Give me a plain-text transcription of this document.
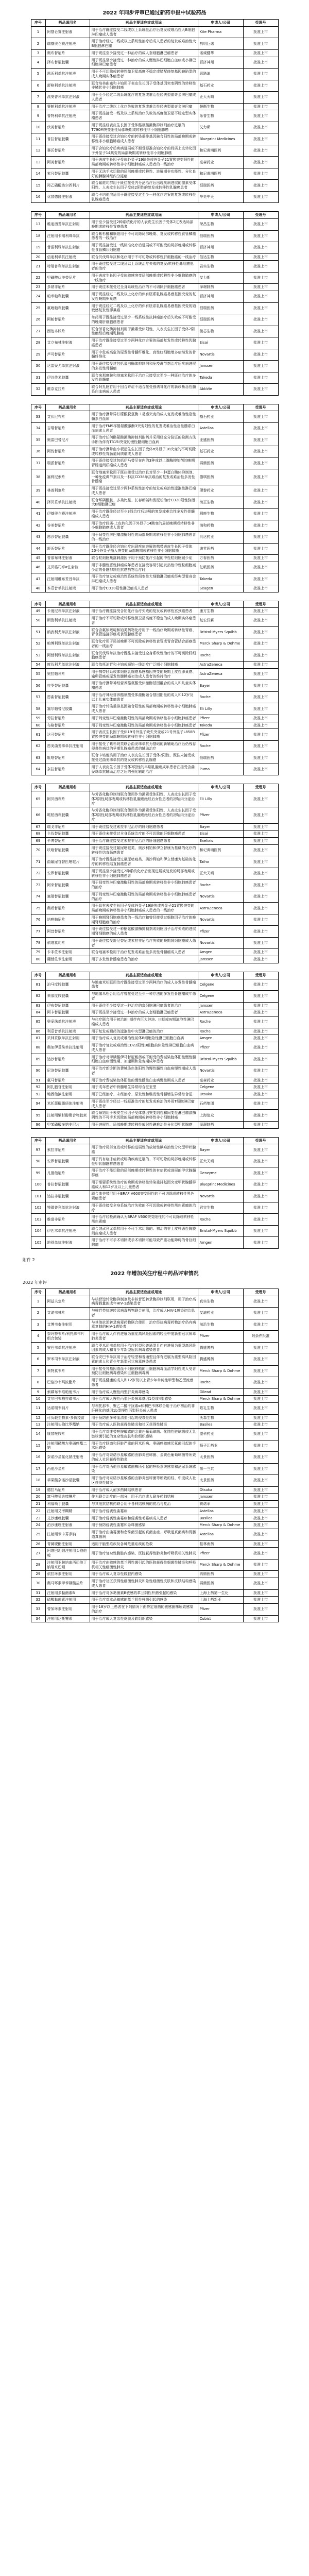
2022 年同步评审已通过新药申报中试验药品
序号	药品通用名	药品主要适应症或用途	申请人/公司	受理号
1	阿基仑赛注射液	用于治疗既往接受二线或以上系统性治疗后复发或难治性大B细胞淋巴瘤成人患者	Kite Pharma	批准上市
2	瑞基奥仑赛注射液	用于治疗经过二线或以上系统性治疗后成人患者的复发或难治性大B细胞淋巴瘤	药明巨诺	批准上市
3	奥布替尼片	用于既往至少接受过一种治疗的成人套细胞淋巴瘤患者	诺诚健华	批准上市
4	泽布替尼胶囊	用于既往至少接受过一种治疗的成人慢性淋巴细胞白血病或小淋巴细胞淋巴瘤患者	百济神州	批准上市
5	恩沃利单抗注射液	用于不可切除或转移性微卫星高度不稳定或错配修复基因缺陷型的成人晚期实体瘤患者	思路迪	批准上市
6	舒格利单抗注射液	联合培美曲塞和卡铂用于表皮生长因子受体基因突变阴性的转移性非鳞状非小细胞肺癌	基石药业	批准上市
7	派安普利单抗注射液	用于至少经过二线系统化疗的复发或难治性经典型霍奇金淋巴瘤成人患者	正大天晴	批准上市
8	赛帕利单抗注射液	用于治疗二线以上化疗失败的复发或难治性经典型霍奇金淋巴瘤	誉衡生物	批准上市
9	普特利单抗注射液	用于既往接受一线及以上系统治疗失败的高度微卫星不稳定型实体瘤患者	乐普生物	批准上市
10	伏美替尼片	用于既往经表皮生长因子受体酪氨酸激酶抑制剂治疗进展的T790M突变阳性局部晚期或转移性非小细胞肺癌	艾力斯	批准上市
11	普拉替尼胶囊	用于既往接受过含铂化疗的转染重排基因融合阳性的局部晚期或转移性非小细胞肺癌成人患者	Blueprint Medicines	批准上市
12	赛沃替尼片	用于含铂化疗后疾病进展或不耐受标准含铂化疗的间质上皮转化因子外显子14跳变的局部晚期或转移性非小细胞肺癌	和记黄埔医药	批准上市
13	阿美替尼片	用于表皮生长因子受体外显子19缺失或外显子21置换突变阳性的局部晚期或转移性非小细胞肺癌成人患者的一线治疗	豪森药业	批准上市
14	索凡替尼胶囊	用于无法手术切除的局部晚期或转移性、进展期非功能性、分化良好的胰腺神经内分泌瘤	和记黄埔医药	批准上市
15	羟乙磺酸达尔西利片	联合氟维司群用于既往接受内分泌治疗后出现疾病进展的激素受体阳性、人表皮生长因子受体2阴性的复发或转移性乳腺癌患者	恒瑞医药	批准上市
16	优替德隆注射液	联合卡培他滨适用于既往接受过至少一种化疗方案的复发或转移性乳腺癌患者	华昊中天	批准上市
序号	药品通用名	药品主要适应症或用途	申请人/公司	受理号
17	维迪西妥单抗注射用	用于至少接受过2种系统化疗的人表皮生长因子受体2过表达局部晚期或转移性胃癌患者	荣昌生物	批准上市
18	注射用卡瑞利珠单抗	联合紫杉醇和顺铂用于不可切除局部晚期、复发或转移性食管鳞癌患者的一线治疗	恒瑞医药	批准上市
19	替雷利珠单抗注射液	用于既往接受过一线标准化疗后进展或不可耐受的局部晚期或转移性食管鳞状细胞癌	百济神州	批准上市
20	信迪利单抗注射液	联合贝伐珠单抗和化疗用于不可切除或转移性肝细胞癌的一线治疗	信达生物	批准上市
21	特瑞普利单抗注射液	用于既往接受过二线及以上系统治疗失败的复发/转移性鼻咽癌患者的治疗	君实生物	批准上市
22	甲磺酸伏美替尼片	用于表皮生长因子受体敏感突变局部晚期或转移性非小细胞肺癌的一线治疗	艾力斯	批准上市
23	多纳非尼片	用于既往未接受过全身系统性治疗的不可切除肝细胞癌患者	泽璟制药	批准上市
24	帕米帕利胶囊	用于既往经过二线及以上化疗的伴有胚系乳腺癌易感基因突变的复发性晚期卵巢癌	百济神州	批准上市
25	氟唑帕利胶囊	用于既往经过二线及以上化疗的伴有胚系乳腺癌易感基因突变的铂敏感复发性卵巢癌	恒瑞医药	批准上市
26	阿帕替尼片	单药用于既往接受过至少一线系统性抗肿瘤治疗后失败或不可耐受的晚期肝细胞癌患者	恒瑞医药	批准上市
27	西达本胺片	联合芳香化酶抑制剂用于激素受体阳性、人表皮生长因子受体2阴性绝经后晚期乳腺癌	微芯生物	批准上市
28	艾立布林注射液	用于治疗既往接受过至少两种化疗方案的局部复发性或转移性乳腺癌患者	Eisai	批准上市
29	芦可替尼片	用于中危或高危的原发性骨髓纤维化、真性红细胞增多症继发的骨髓纤维化	Novartis	批准上市
30	达雷妥尤单抗注射液	用于既往接受过包括蛋白酶体抑制剂和免疫调节剂治疗后疾病进展的多发性骨髓瘤	Janssen	批准上市
31	伊沙佐米胶囊	联合来那度胺和地塞米松用于治疗已接受过至少一种既往治疗的多发性骨髓瘤	Takeda	批准上市
32	维奈克拉片	联合阿扎胞苷用于因合并症不适合接受强诱导化疗的新诊断急性髓系白血病成人患者	AbbVie	批准上市
序号	药品通用名	药品主要适应症或用途	申请人/公司	受理号
33	艾伏尼布片	用于治疗携带异柠檬酸脱氢酶-1易感突变的成人复发或难治性急性髓系白血病	基石药业	批准上市
34	吉瑞替尼片	用于治疗FMS样酪氨酸激酶3突变阳性的复发或难治性急性髓系白血病成人患者	Astellas	批准上市
35	奥雷巴替尼片	用于治疗任何酪氨酸激酶抑制剂耐药并采用经充分验证的检测方法诊断为伴有T315I突变的慢性髓细胞白血病	亚盛医药	批准上市
36	阿伐替尼片	用于治疗携带血小板衍生生长因子受体α外显子18突变的不可切除或转移性胃肠道间质瘤成人患者	基石药业	批准上市
37	瑞派替尼片	用于既往接受过包括伊马替尼在内的3种或以上激酶抑制剂的晚期胃肠道间质瘤成人患者	再鼎医药	批准上市
38	塞利尼索片	联合地塞米松用于既往接受过治疗且对至少一种蛋白酶体抑制剂、一种免疫调节剂以及一种抗CD38单抗难治的复发或难治性多发性骨髓瘤	德琪医药	批准上市
39	林普利塞片	用于既往接受过至少两种系统性治疗的复发或难治性滤泡性淋巴瘤成人患者	璎黎药业	批准上市
40	泽贝妥单抗注射液	联合环磷酰胺、多柔比星、长春新碱和泼尼松治疗CD20阳性弥漫大B细胞淋巴瘤	海正生物	批准上市
41	伊基奥仑赛注射液	用于治疗既往经过至少3线治疗后进展的复发或难治性多发性骨髓瘤成人患者	驯鹿生物	批准上市
42	谷美替尼片	用于治疗间质-上皮转化因子外显子14跳变的局部晚期或转移性非小细胞肺癌成人患者	海和药物	批准上市
43	恩沙替尼胶囊	用于间变性淋巴瘤激酶阳性的局部晚期或转移性非小细胞肺癌患者的一线治疗	贝达药业	批准上市
44	舒沃替尼片	用于治疗既往经含铂化疗出现疾病进展的携带表皮生长因子受体20号外显子插入突变的局部晚期或转移性非小细胞肺癌	迪哲医药	批准上市
45	普那布林注射液	联合粒细胞集落刺激因子用于预防化疗引起的中性粒细胞减少症	万春医药	批准上市
46	艾贝格司亭α注射液	用于非髓性恶性肿瘤成年患者在接受容易引起发热性中性粒细胞减少症的骨髓抑制性抗癌药物治疗时	亿帆医药	批准上市
47	注射用维布妥昔单抗	用于治疗复发或难治性系统性间变性大细胞淋巴瘤或经典型霍奇金淋巴瘤成人患者	Takeda	批准上市
48	本妥昔单抗注射液	用于治疗CD30阳性淋巴瘤成人患者	Seagen	批准上市
序号	药品通用名	药品主要适应症或用途	申请人/公司	受理号
49	卡度尼利单抗注射液	用于治疗既往接受含铂化疗治疗失败的复发或转移性宫颈癌患者	康方生物	批准上市
50	斯鲁利单抗注射液	用于治疗不可切除或转移性微卫星高度不稳定的成人晚期实体瘤患者	复宏汉霖	批准上市
51	纳武利尤单抗注射液	联合含氟尿嘧啶和铂类药物化疗用于一线治疗晚期或转移性胃癌、胃食管连接部癌或食管腺癌患者	Bristol-Myers Squibb	批准上市
52	帕博利珠单抗注射液	联合化疗用于局部晚期不可切除或转移性食管或胃食管结合部癌患者的一线治疗	Merck Sharp & Dohme	批准上市
53	阿替利珠单抗注射液	联合贝伐珠单抗治疗既往未接受过全身系统性治疗的不可切除肝细胞癌患者	Roche	批准上市
54	度伐利尤单抗注射液	联合依托泊苷和卡铂或顺铂一线治疗广泛期小细胞肺癌	AstraZeneca	批准上市
55	奥拉帕利片	用于携带胚系或体细胞乳腺癌易感基因突变的晚期上皮性卵巢癌、输卵管癌或原发性腹膜癌初治成人患者的维持治疗	AstraZeneca	批准上市
56	拉罗替尼胶囊	用于治疗携带神经营养酪氨酸受体激酶基因融合的成人和儿童实体瘤患者	Bayer	批准上市
57	恩曲替尼胶囊	用于治疗神经营养酪氨酸受体激酶融合基因阳性的成人和12岁及以上儿童实体瘤患者	Roche	批准上市
58	塞尔帕替尼胶囊	用于治疗转染重排基因融合阳性的局部晚期或转移性非小细胞肺癌成人患者	Eli Lilly	批准上市
59	劳拉替尼片	用于间变性淋巴瘤激酶阳性的局部晚期或转移性非小细胞肺癌患者	Pfizer	批准上市
60	布格替尼片	用于间变性淋巴瘤激酶阳性的局部晚期或转移性非小细胞肺癌患者	Takeda	批准上市
61	达可替尼片	用于表皮生长因子受体19号外显子缺失突变或21号外显子L858R置换突变的局部晚期或转移性非小细胞肺癌	Pfizer	批准上市
62	恩美曲妥珠单抗注射用	用于接受了紫杉烷类联合曲妥珠单抗为基础的新辅助治疗后仍残存侵袭性病灶的早期乳腺癌患者的辅助治疗	Roche	批准上市
63	吡咯替尼片	联合卡培他滨用于治疗人表皮生长因子受体2阳性、既往未接受或接受过曲妥珠单抗的复发或转移性乳腺癌	恒瑞医药	批准上市
64	奈拉替尼片	用于人表皮生长因子受体2阳性的早期乳腺癌成年患者在接受含曲妥珠单抗辅助治疗之后的强化辅助治疗	Puma	批准上市
序号	药品通用名	药品主要适应症或用途	申请人/公司	受理号
65	阿贝西利片	与芳香化酶抑制剂联合使用作为激素受体阳性、人表皮生长因子受体2阴性局部晚期或转移性乳腺癌绝经后女性患者的初始内分泌治疗	Eli Lilly	批准上市
66	哌柏西利胶囊	与芳香化酶抑制剂联合使用作为激素受体阳性、人表皮生长因子受体2阴性局部晚期或转移性乳腺癌绝经后女性患者的初始内分泌治疗	Pfizer	批准上市
67	瑞戈非尼片	用于既往接受过索拉非尼治疗的肝细胞癌患者	Bayer	批准上市
68	仑伐替尼胶囊	用于既往未接受过全身系统治疗的不可切除的肝细胞癌患者	Eisai	批准上市
69	卡博替尼片	用于治疗既往接受过索拉非尼治疗的肝细胞癌患者	Exelixis	批准上市
70	呋喹替尼胶囊	用于既往接受过氟尿嘧啶类、奥沙利铂和伊立替康为基础的化疗的转移性结直肠癌患者	和记黄埔医药	批准上市
71	曲氟尿苷替匹嘧啶片	用于治疗既往接受过氟尿嘧啶类、奥沙利铂和伊立替康为基础的化疗的转移性结直肠癌患者	Taiho	批准上市
72	安罗替尼胶囊	用于既往至少接受过2种系统化疗后出现进展或复发的局部晚期或转移性非小细胞肺癌患者	正大天晴	批准上市
73	阿来替尼胶囊	用于间变性淋巴瘤激酶阳性的局部晚期或转移性非小细胞肺癌患者的治疗	Roche	批准上市
74	塞瑞替尼胶囊	用于间变性淋巴瘤激酶阳性的局部晚期或转移性非小细胞肺癌患者的治疗	Novartis	批准上市
75	奥希替尼片	用于具有表皮生长因子受体外显子19缺失或外显子21置换突变的局部晚期或转移性非小细胞肺癌成人患者的一线治疗	AstraZeneca	批准上市
76	培唑帕尼片	用于晚期肾细胞癌患者的一线治疗和曾经接受过细胞因子治疗的晚期肾细胞癌的治疗	Novartis	批准上市
77	阿昔替尼片	用于既往接受过一种酪氨酸激酶抑制剂或细胞因子治疗失败的进展期肾细胞癌的成人患者	Pfizer	批准上市
78	依维莫司片	用于既往接受舒尼替尼或索拉非尼治疗失败的晚期肾细胞癌成人患者	Novartis	批准上市
79	卡非佐米注射用	联合地塞米松用于治疗复发或难治性多发性骨髓瘤成人患者	Amgen	批准上市
80	硼替佐米注射用	用于多发性骨髓瘤患者的治疗	Janssen	批准上市
序号	药品通用名	药品主要适应症或用途	申请人/公司	受理号
81	泊马度胺胶囊	与地塞米松联用治疗既往接受过至少两种治疗的成人多发性骨髓瘤患者	Celgene	批准上市
82	来那度胺胶囊	与地塞米松合用治疗曾接受过至少一种疗法的多发性骨髓瘤成年患者	Celgene	批准上市
83	伊布替尼胶囊	用于既往至少接受过一种治疗的套细胞淋巴瘤患者的治疗	Janssen	批准上市
84	阿卡替尼胶囊	用于既往至少接受过一种治疗的成人套细胞淋巴瘤患者	AstraZeneca	批准上市
85	奥妥珠单抗注射液	与化疗联合用于初治的II期伴有巨大肿块、III期或IV期滤泡性淋巴瘤成人患者	Roche	批准上市
86	利妥昔单抗注射液	用于复发或耐药的滤泡性中央型淋巴瘤的治疗	Roche	批准上市
87	贝林妥欧单抗注射用	用于治疗成人复发或难治性前体B细胞急性淋巴细胞白血病	Amgen	批准上市
88	奥加伊妥珠单抗注射用	用于治疗复发或难治性CD22阳性B细胞前体急性淋巴细胞白血病成人患者	Pfizer	批准上市
89	达沙替尼片	用于治疗对甲磺酸伊马替尼耐药或不耐受的费城染色体阳性慢性髓细胞白血病慢性期、加速期和急变期成年患者	Bristol-Myers Squibb	批准上市
90	尼洛替尼胶囊	用于治疗新诊断的费城染色体阳性的慢性髓性白血病慢性期成人患者	Novartis	批准上市
91	氟马替尼片	用于治疗费城染色体阳性的慢性髓性白血病慢性期成人患者	豪森药业	批准上市
92	阿扎胞苷注射用	用于成年患者中骨髓增生异常综合征亚型	Celgene	批准上市
93	地西他滨注射用	用于已经治疗、未经治疗、原发性和继发性骨髓增生异常综合征	Otsuka	批准上市
94	米托蒽醌脂质体注射液	用于既往至少经过一线标准治疗的复发或难治的外周T细胞淋巴瘤成人患者	石药集团	批准上市
95	注射用紫杉醇聚合物胶束	联合顺铂用于表皮生长因子受体基因突变阴性和间变性淋巴瘤激酶阴性的不可手术切除的局部晚期或转移性非小细胞肺癌	上海谊众	批准上市
96	甲苯磺酸多纳非尼片	用于进展性、局部晚期或转移性放射性碘难治性分化型甲状腺癌	泽璟制药	批准上市
序号	药品通用名	药品主要适应症或用途	申请人/公司	受理号
97	索拉非尼片	用于治疗局部复发或转移的进展性的放射性碘难治性分化型甲状腺癌	Bayer	批准上市
98	安罗替尼胶囊	用于具有临床症状或明确疾病进展的、不可切除的局部晚期或转移性甲状腺髓样癌患者	正大天晴	批准上市
99	凡德他尼片	用于治疗不能切除的局部晚期或转移性的有症状或进展的甲状腺髓样癌	Genzyme	批准上市
100	普拉替尼胶囊	用于需要系统性治疗的晚期或转移性转染重排基因突变甲状腺髓样癌成人和12岁及以上儿童患者	Blueprint Medicines	批准上市
101	达拉非尼胶囊	联合曲美替尼用于BRAF V600突变阳性的不可切除或转移性黑色素瘤患者	Novartis	批准上市
102	特瑞普利单抗注射液	用于既往接受全身系统治疗失败的不可切除或转移性黑色素瘤的治疗	君实生物	批准上市
103	维莫非尼片	用于治疗经检测确认为BRAF V600突变阳性的不可切除或转移性黑色素瘤	Roche	批准上市
104	伊匹木单抗注射液	联合纳武利尤单抗用于不可手术切除的、初治的非上皮样恶性胸膜间皮瘤成人患者	Bristol-Myers Squibb	批准上市
105	地舒单抗注射液	用于治疗不可手术切除或手术切除可能导致严重功能障碍的骨巨细胞瘤	Amgen	批准上市
附件 2
2022 年增加关注疗程中药品评审情况
2022 年审评
序号	药品通用名	药品主要适应症或用途	申请人/公司	受理号
1	阿兹夫定片	与核苷逆转录酶抑制剂及非核苷逆转录酶抑制剂联用，用于治疗高病毒载量的成年HIV-1感染患者	真实生物	批准上市
2	艾诺韦林片	与核苷类抗逆转录病毒药物联合使用，治疗成人HIV-1感染初治患者	艾迪药业	批准上市
3	艾博韦泰注射用	与其他抗逆转录病毒药物联合使用，治疗经抗病毒药物治疗仍有病毒复制的HIV-1感染者	前沿生物	批准上市
4	奈玛特韦片/利托那韦片组合包装	用于治疗成人伴有进展为重症高风险因素的轻至中度新型冠状病毒肺炎患者	Pfizer	附条件批准
5	安巴韦单抗注射液	联合罗米司韦单抗用于治疗轻型和普通型且伴有进展为重型高风险因素的成人和青少年新型冠状病毒感染患者	腾盛博药	批准上市
6	罗米司韦单抗注射液	联合安巴韦单抗用于治疗轻型和普通型且伴有进展为重型高风险因素的成人和青少年新型冠状病毒感染患者	腾盛博药	批准上市
7	来特莫韦片	用于接受异基因造血干细胞移植的巨细胞病毒血清学阳性成人受者预防巨细胞病毒感染和巨细胞病毒病	Merck Sharp & Dohme	批准上市
8	巴洛沙韦玛波酯片	用于既往健康的成人和12岁及以上青少年单纯性甲型和乙型流感患者	Roche	批准上市
9	索磷布韦维帕他韦片	用于治疗成人慢性丙型肝炎病毒感染	Gilead	批准上市
10	艾尔巴韦格拉瑞韦片	用于治疗成人慢性丙型肝炎病毒基因1型或4型感染	Merck Sharp & Dohme	批准上市
11	达诺瑞韦钠片	与利托那韦、聚乙二醇干扰素α和利巴韦林联合用于治疗初治的非肝硬化的基因1b型慢性丙型肝炎成人患者	歌礼生物	批准上市
12	可负载生物素-多价疫苗	用于预防由多种血清型引起的侵袭性疾病	沃森生物	批准上市
13	注射用头孢比罗酯钠	用于治疗成人医院获得性肺炎和社区获得性肺炎	Basilea	批准上市
14	康替唑胺片	用于治疗对康替唑胺敏感的金黄色葡萄球菌、化脓性链球菌或无乳链球菌引起的复杂性皮肤和软组织感染	盟科药业	批准上市
15	注射用磷酸左奥硝唑酯二钠	用于治疗肠道和肝脏严重的阿米巴病、奥硝唑敏感厌氧菌引起的手术后感染	扬子江药业	批准上市
16	奈诺沙星氯化钠注射液	用于治疗对奈诺沙星敏感的由肺炎链球菌、金黄色葡萄球菌等所致的成人社区获得性肺炎	太景医药	批准上市
17	西他沙星片	用于治疗对西他沙星敏感菌株所引起的呼吸系统感染和泌尿系统感染	第一三共	批准上市
18	苹果酸奈诺沙星胶囊	用于治疗对奈诺沙星敏感的由肺炎链球菌等所致的轻、中度成人社区获得性肺炎	太景医药	批准上市
19	德拉马尼片	用于治疗成人耐多药肺结核患者	Otsuka	批准上市
20	富马酸贝达喹啉片	作为联合治疗的一部分，用于治疗成人耐多药肺结核	Janssen	批准上市
21	利福喷丁胶囊	与其他抗结核药联合用于各种结核病的初治与复治	赛诺菲	批准上市
22	注射用艾考糊精	用于治疗侵袭性曲霉病	Astellas	批准上市
23	艾沙康唑胶囊	用于治疗侵袭性曲霉病和侵袭性毛霉病成人患者	Basilea	批准上市
24	泊沙康唑注射液	用于预防侵袭性曲霉和念珠菌感染	Merck Sharp & Dohme	批准上市
25	注射用米卡芬净钠	用于治疗由曲霉菌和念珠菌引起的真菌血症、呼吸道真菌病和胃肠道真菌病	Astellas	批准上市
26	青蒿琥酯注射用	适用于脑型疟疾及各种危重疟疾的抢救	桂林南药	批准上市
27	阿维巴坦钠注射用头孢他啶	用于治疗复杂性腹腔内感染、医院获得性肺炎和呼吸机相关性肺炎	Pfizer	批准上市
28	注射用亚胺培南西司他丁钠瑞来巴坦	用于治疗由敏感的革兰阴性菌引起的医院获得性细菌性肺炎和呼吸机相关性细菌性肺炎	Merck Sharp & Dohme	批准上市
29	依拉环素注射用	用于治疗成人复杂性腹腔内感染	再鼎医药	批准上市
30	奥马环素甲苯磺酸盐片	用于治疗社区获得性细菌性肺炎和急性细菌性皮肤和皮肤结构感染成人患者	再鼎医药	批准上市
31	注射用多黏菌素B	用于治疗对多黏菌素B敏感的革兰阴性杆菌引起的感染	上海上药第一生化	批准上市
32	硫酸黏菌素注射用	用于治疗对本品敏感的革兰阴性杆菌引起的感染	上海上药新亚	批准上市
33	替加环素注射用	用于18岁以上患者在下列情况下由特定细菌的敏感菌株所致感染的治疗	Pfizer	批准上市
34	注射用达托霉素	用于治疗成人复杂性皮肤及软组织感染	Cubist	批准上市
